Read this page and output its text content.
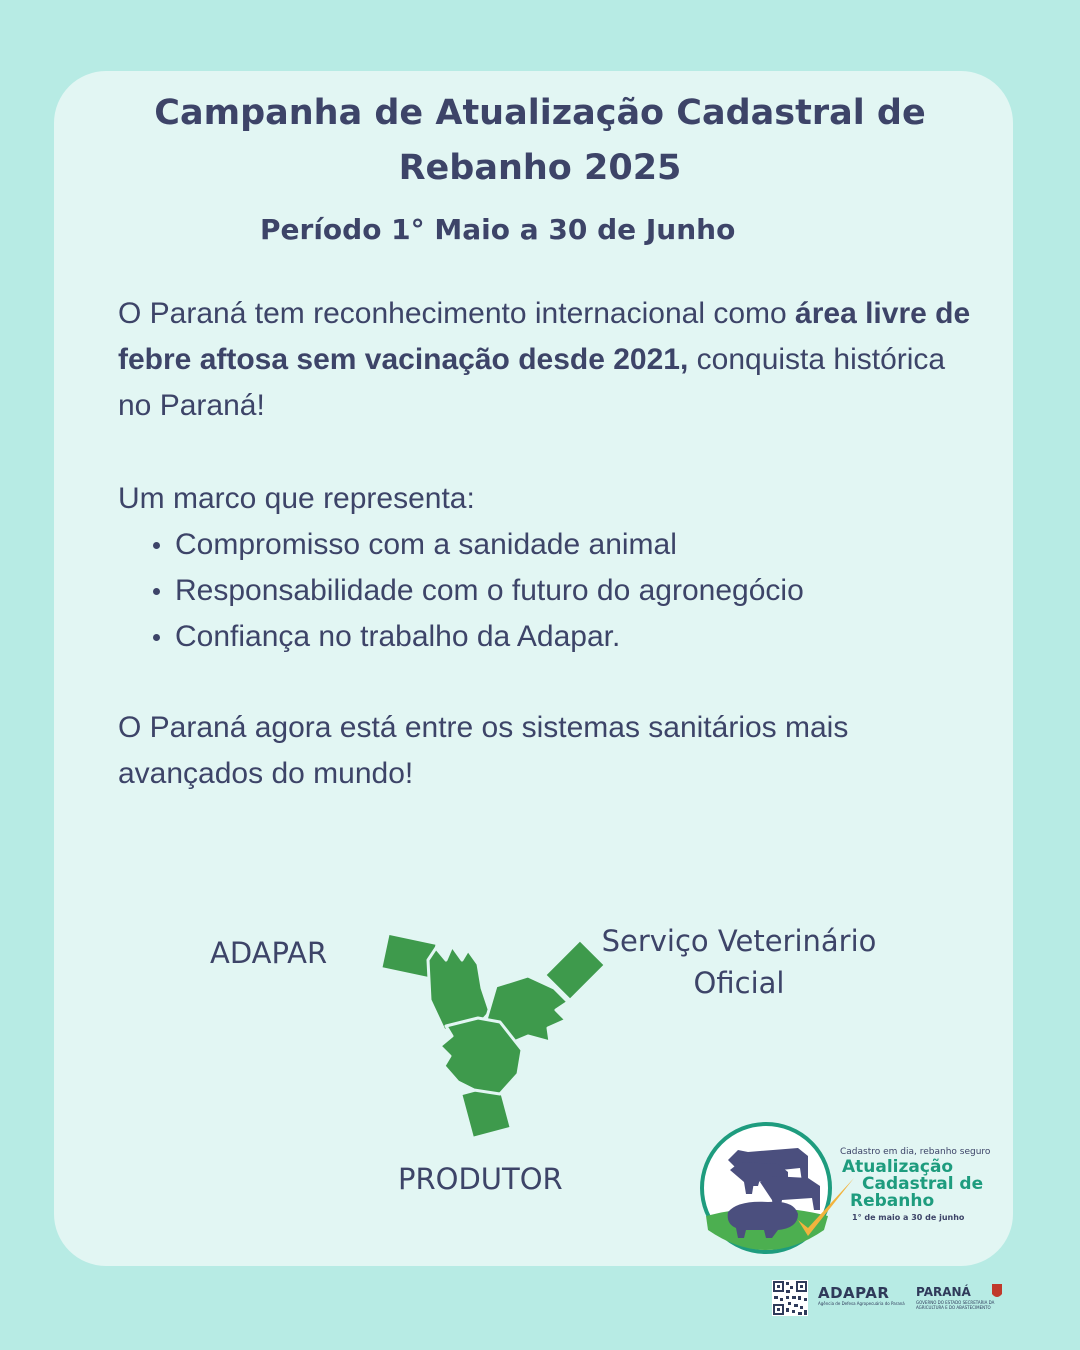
Campanha de Atualização Cadastral de
Rebanho 2025

Período 1° Maio a 30 de Junho

O Paraná tem reconhecimento internacional como área livre de febre aftosa sem vacinação desde 2021, conquista histórica no Paraná!

Um marco que representa:

Compromisso com a sanidade animal
Responsabilidade com o futuro do agronegócio
Confiança no trabalho da Adapar.

O Paraná agora está entre os sistemas sanitários mais avançados do mundo!

ADAPAR	Serviço Veterinário
Oficial

PRODUTOR

Cadastro em dia, rebanho seguro

Atualização
Cadastral de
Rebanho

1° de maio a 30 de junho

ADAPAR

Agência de Defesa Agropecuária do Paraná

PARANÁ

GOVERNO DO ESTADO SECRETARIA DA AGRICULTURA E DO ABASTECIMENTO
